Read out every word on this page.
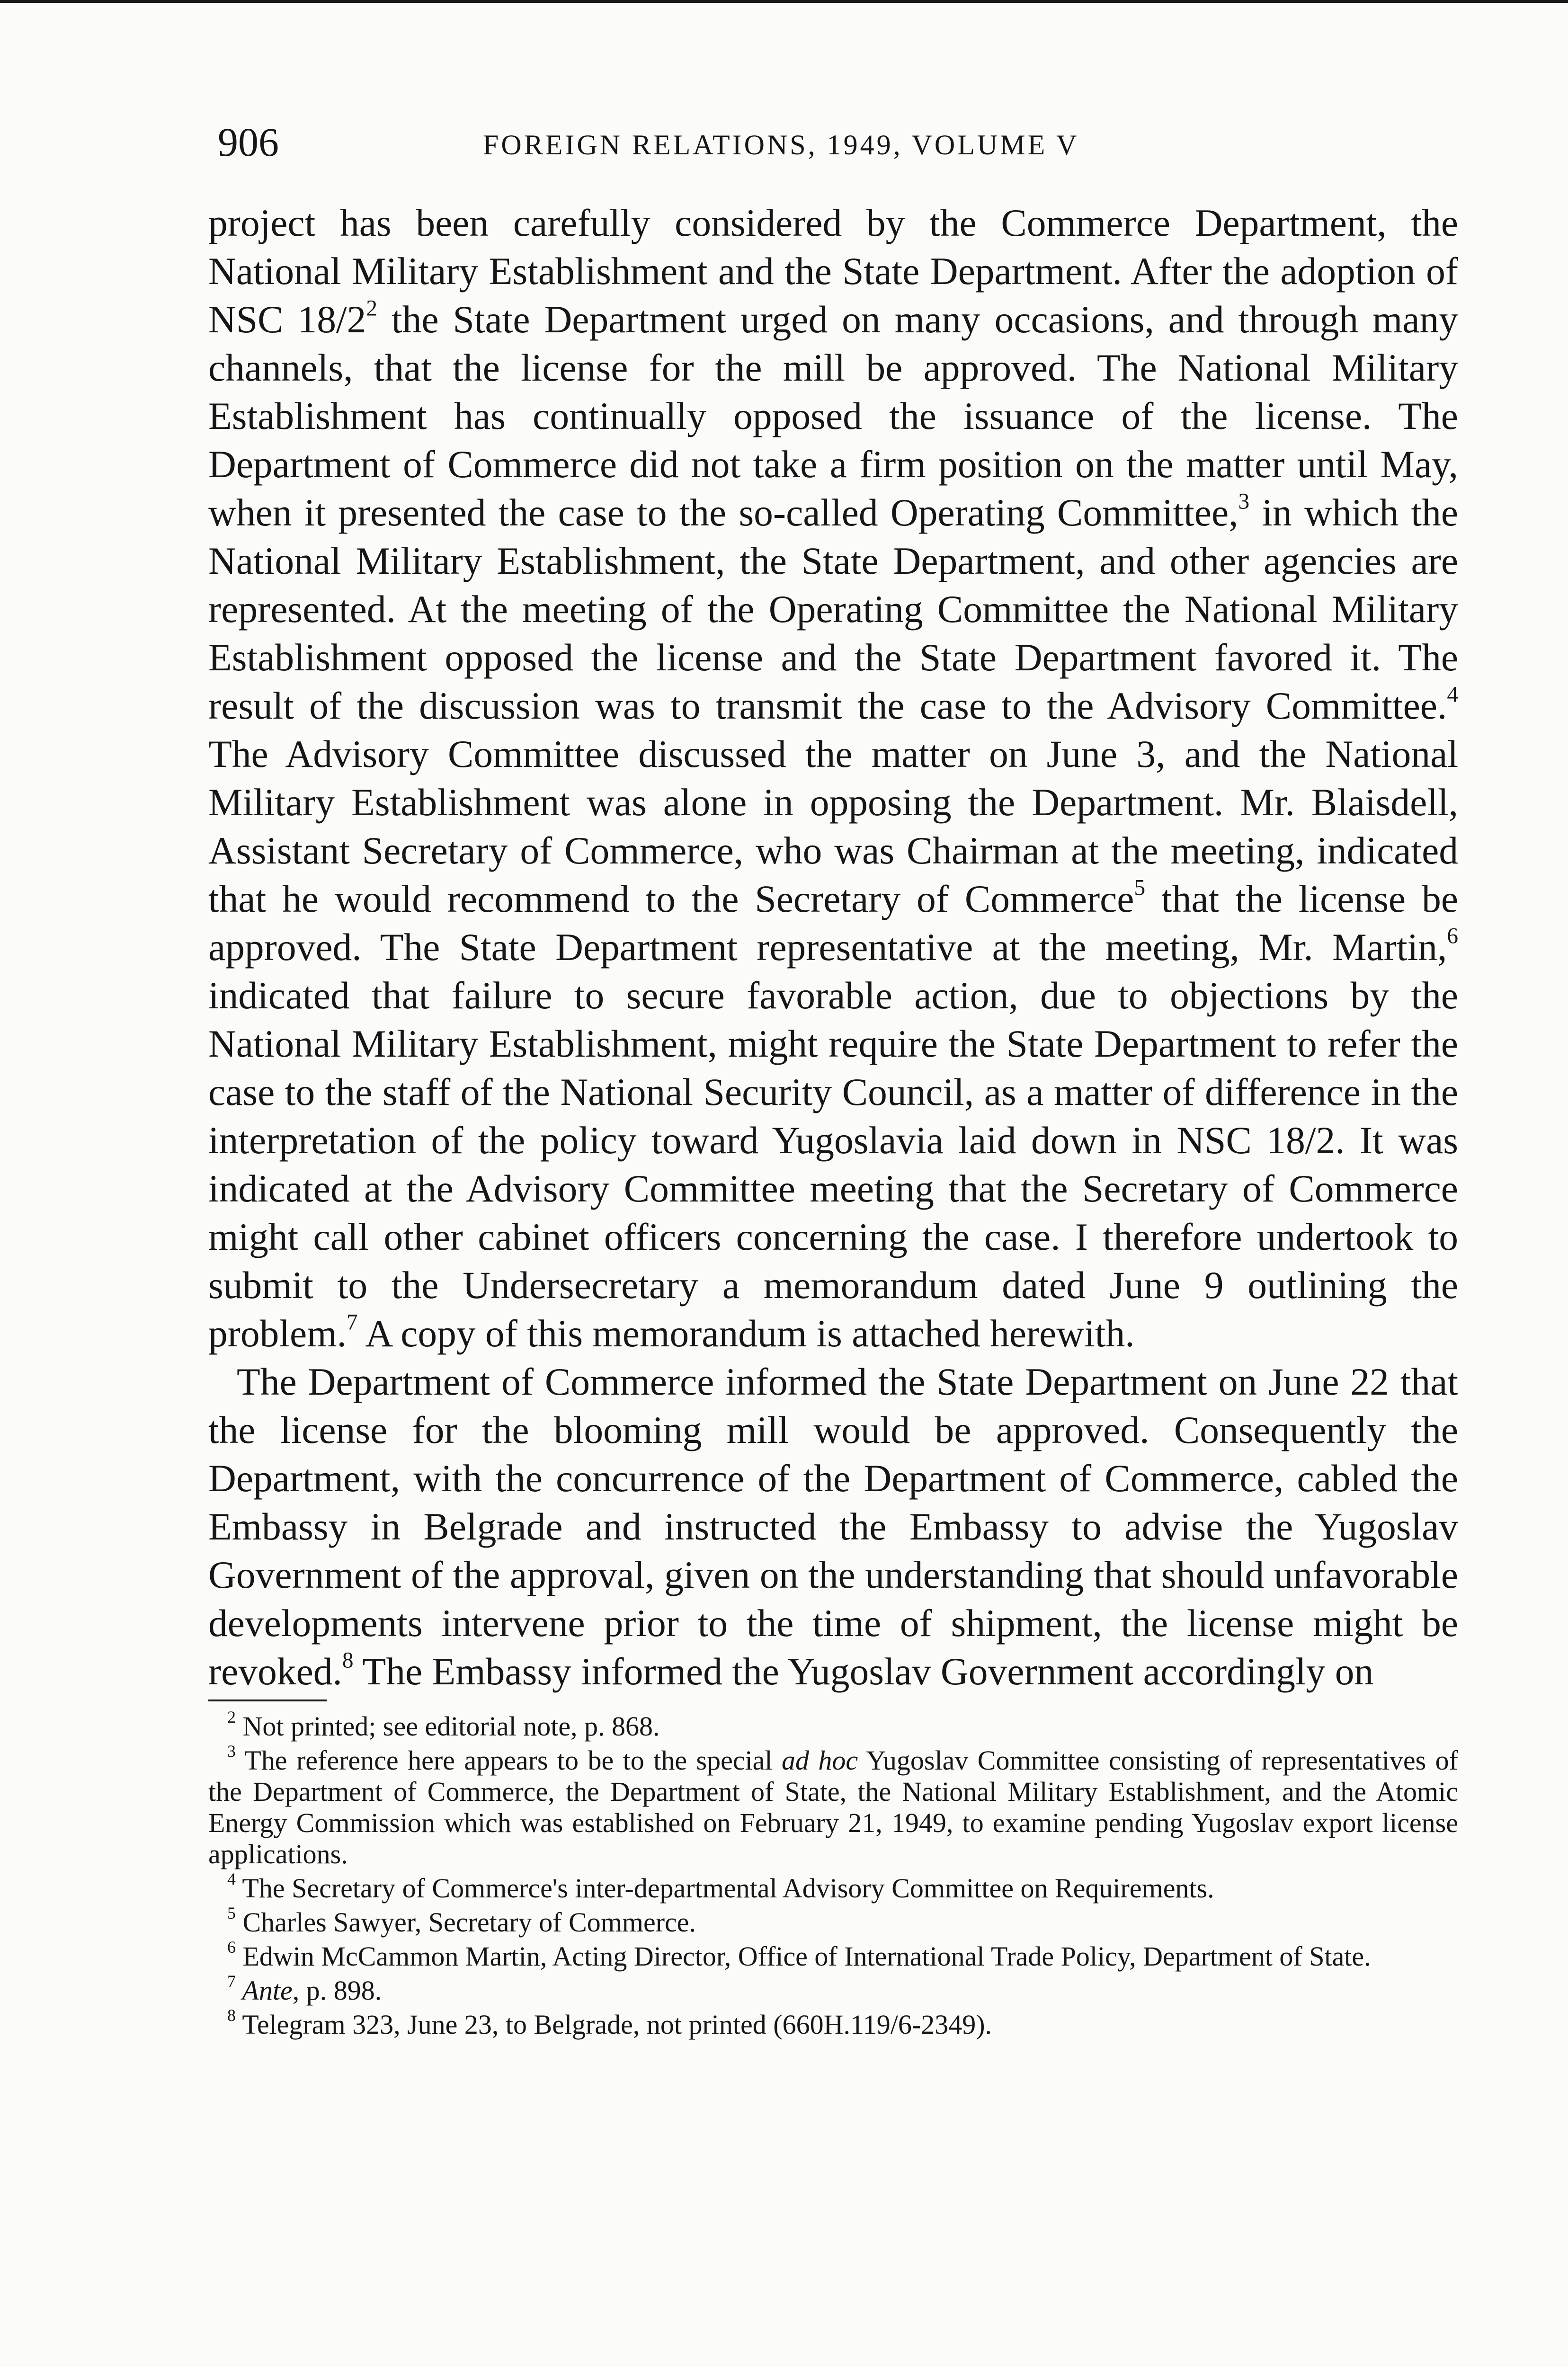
906	FOREIGN RELATIONS, 1949, VOLUME V

project has been carefully considered by the Commerce Department, the National Military Establishment and the State Department. After the adoption of NSC $18/2^2$ the State Department urged on many occasions, and through many channels, that the license for the mill be approved. The National Military Establishment has continually opposed the issuance of the license. The Department of Commerce did not take a firm position on the matter until May, when it presented the case to the so-called Operating Committee,$^3$ in which the National Military Establishment, the State Department, and other agencies are represented. At the meeting of the Operating Committee the National Military Establishment opposed the license and the State Department favored it. The result of the discussion was to transmit the case to the Advisory Committee.$^4$ The Advisory Committee discussed the matter on June 3, and the National Military Establishment was alone in opposing the Department. Mr. Blaisdell, Assistant Secretary of Commerce, who was Chairman at the meeting, indicated that he would recommend to the Secretary of Commerce$^5$ that the license be approved. The State Department representative at the meeting, Mr. Martin,$^6$ indicated that failure to secure favorable action, due to objections by the National Military Establishment, might require the State Department to refer the case to the staff of the National Security Council, as a matter of difference in the interpretation of the policy toward Yugoslavia laid down in NSC 18/2. It was indicated at the Advisory Committee meeting that the Secretary of Commerce might call other cabinet officers concerning the case. I therefore undertook to submit to the Undersecretary a memorandum dated June 9 outlining the problem.$^7$ A copy of this memorandum is attached herewith.

The Department of Commerce informed the State Department on June 22 that the license for the blooming mill would be approved. Consequently the Department, with the concurrence of the Department of Commerce, cabled the Embassy in Belgrade and instructed the Embassy to advise the Yugoslav Government of the approval, given on the understanding that should unfavorable developments intervene prior to the time of shipment, the license might be revoked.$^8$ The Embassy informed the Yugoslav Government accordingly on

$^2$ Not printed; see editorial note, p. 868.
$^3$ The reference here appears to be to the special ad hoc Yugoslav Committee consisting of representatives of the Department of Commerce, the Department of State, the National Military Establishment, and the Atomic Energy Commission which was established on February 21, 1949, to examine pending Yugoslav export license applications.
$^4$ The Secretary of Commerce's inter-departmental Advisory Committee on Requirements.
$^5$ Charles Sawyer, Secretary of Commerce.
$^6$ Edwin McCammon Martin, Acting Director, Office of International Trade Policy, Department of State.
$^7$ Ante, p. 898.
$^8$ Telegram 323, June 23, to Belgrade, not printed (660H.119/6-2349).
